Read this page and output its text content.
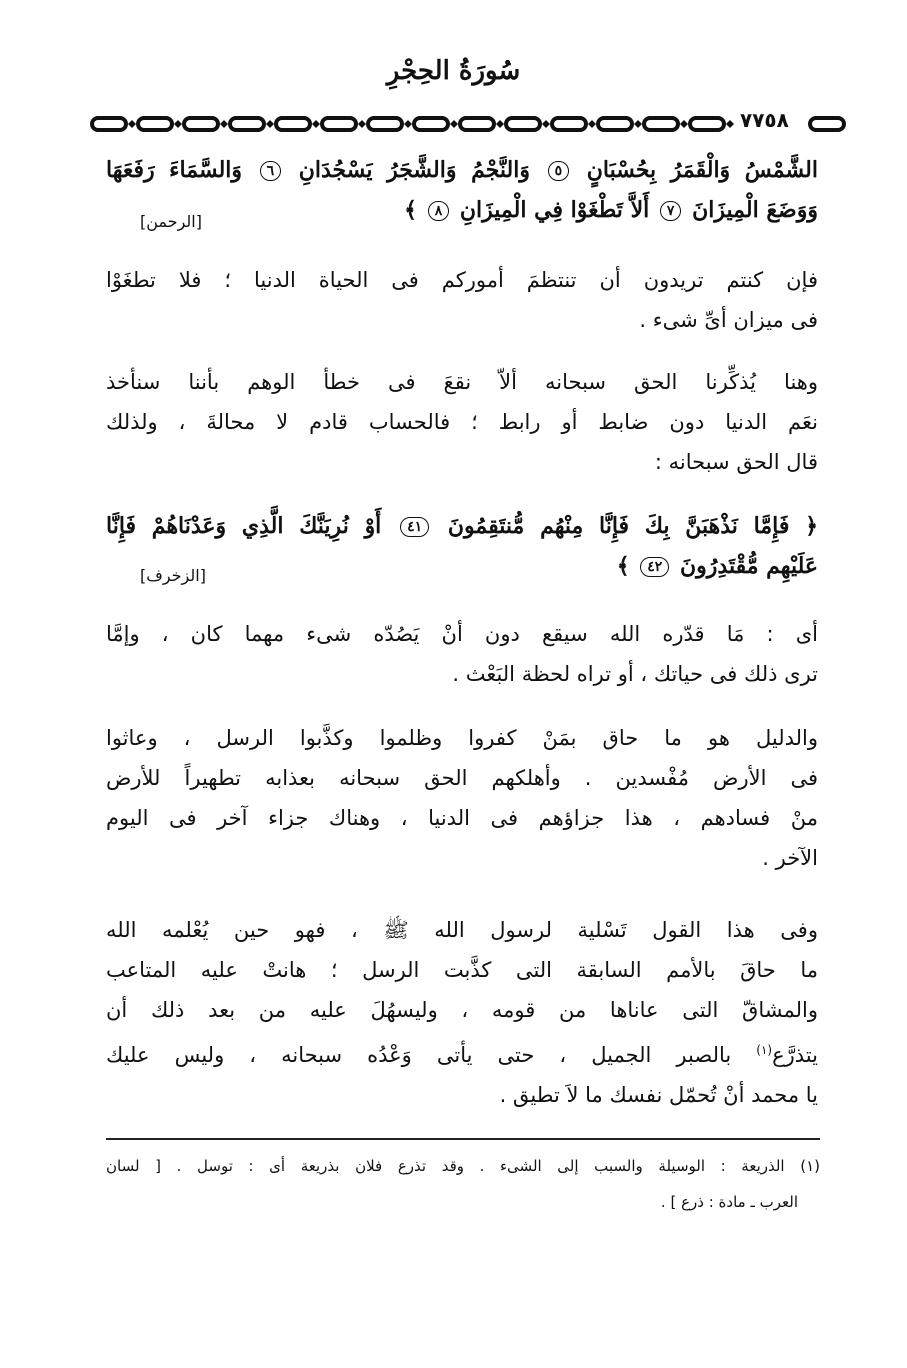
سُورَةُ الحِجْرِ
٧٧٥٨
الشَّمْسُ وَالْقَمَرُ بِحُسْبَانٍ ٥ وَالنَّجْمُ وَالشَّجَرُ يَسْجُدَانِ ٦ وَالسَّمَاءَ رَفَعَهَا
وَوَضَعَ الْمِيزَانَ ٧ أَلاَّ تَطْغَوْا فِي الْمِيزَانِ ٨ ﴾
[الرحمن]
فإن كنتم تريدون أن تنتظمَ أموركم فى الحياة الدنيا ؛ فلا تطغَوْا
فى ميزان أىِّ شىء .
وهنا يُذكِّرنا الحق سبحانه ألاّ نقعَ فى خطأ الوهم بأننا سنأخذ
نعَم الدنيا دون ضابط أو رابط ؛ فالحساب قادم لا محالةَ ، ولذلك
قال الحق سبحانه :
﴿ فَإِمَّا نَذْهَبَنَّ بِكَ فَإِنَّا مِنْهُم مُّنتَقِمُونَ ٤١ أَوْ نُرِيَنَّكَ الَّذِي وَعَدْنَاهُمْ فَإِنَّا
عَلَيْهِم مُّقْتَدِرُونَ ٤٢ ﴾
[الزخرف]
أى : مَا قدّره الله سيقع دون أنْ يَصُدّه شىء مهما كان ، وإمَّا
ترى ذلك فى حياتك ، أو تراه لحظة البَعْث .
والدليل هو ما حاق بمَنْ كفروا وظلموا وكذَّبوا الرسل ، وعاثوا
فى الأرض مُفْسدين . وأهلكهم الحق سبحانه بعذابه تطهيراً للأرض
منْ فسادهم ، هذا جزاؤهم فى الدنيا ، وهناك جزاء آخر فى اليوم
الآخر .
وفى هذا القول تَسْلية لرسول الله ﷺ ، فهو حين يُعْلمه الله
ما حاقَ بالأمم السابقة التى كذَّبت الرسل ؛ هانتْ عليه المتاعب
والمشاقّ التى عاناها من قومه ، وليسهُلَ عليه من بعد ذلك أن
يتذرَّع$^{(١)}$ بالصبر الجميل ، حتى يأتى وَعْدُه سبحانه ، وليس عليك
يا محمد أنْ تُحمّل نفسك ما لاَ تطيق .
(١) الذريعة : الوسيلة والسبب إلى الشىء . وقد تذرع فلان بذريعة أى : توسل . [ لسان
العرب ـ مادة : ذرع ] .
